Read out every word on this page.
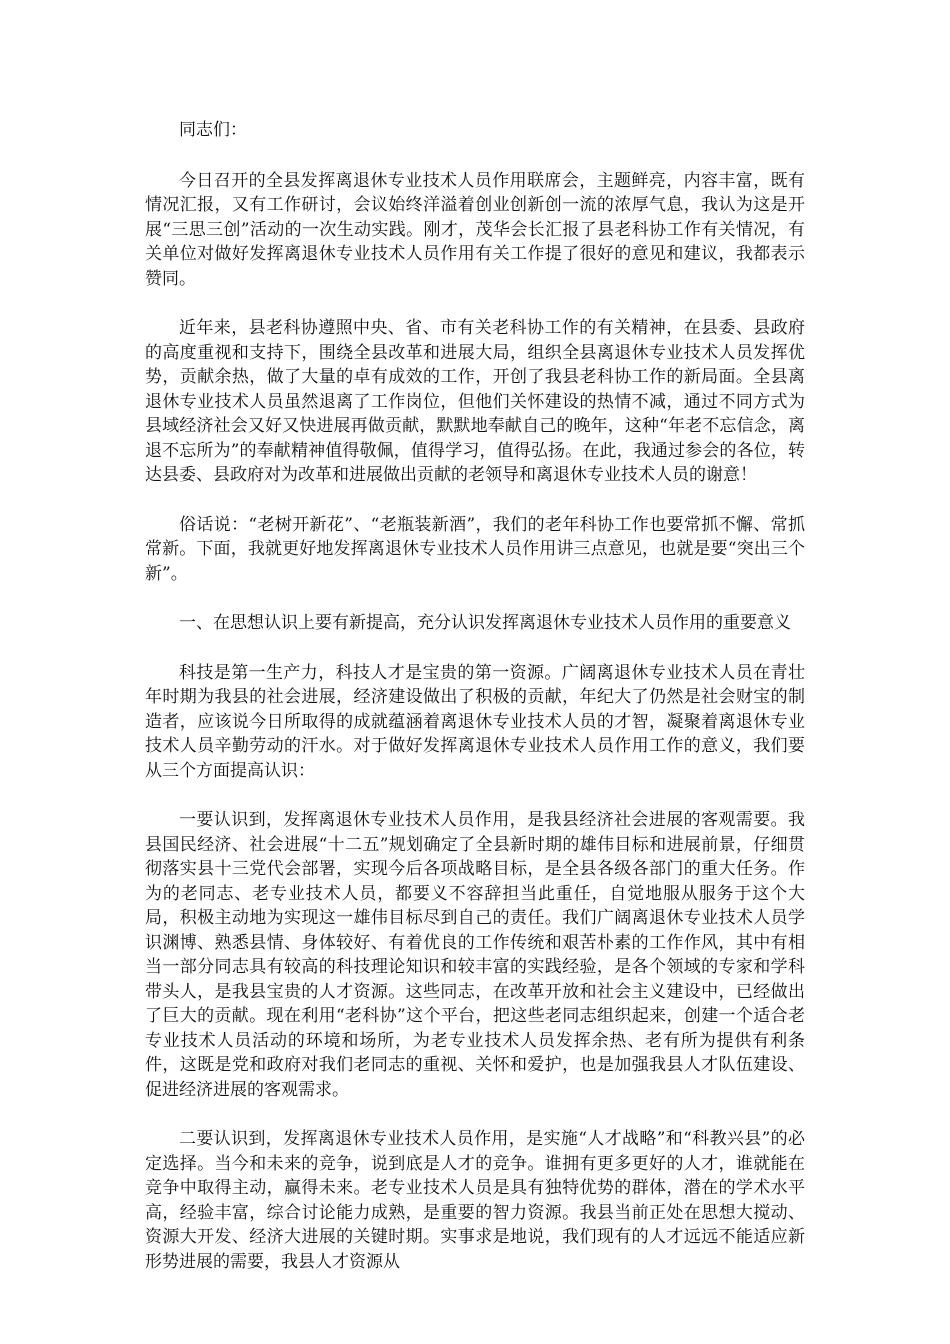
同志们：

今日召开的全县发挥离退休专业技术人员作用联席会，主题鲜亮，内容丰富，既有情况汇报，又有工作研讨，会议始终洋溢着创业创新创一流的浓厚气息，我认为这是开展“三思三创”活动的一次生动实践。刚才，茂华会长汇报了县老科协工作有关情况，有关单位对做好发挥离退休专业技术人员作用有关工作提了很好的意见和建议，我都表示赞同。

近年来，县老科协遵照中央、省、市有关老科协工作的有关精神，在县委、县政府的高度重视和支持下，围绕全县改革和进展大局，组织全县离退休专业技术人员发挥优势，贡献余热，做了大量的卓有成效的工作，开创了我县老科协工作的新局面。全县离退休专业技术人员虽然退离了工作岗位，但他们关怀建设的热情不减，通过不同方式为县域经济社会又好又快进展再做贡献，默默地奉献自己的晚年，这种“年老不忘信念，离退不忘所为”的奉献精神值得敬佩，值得学习，值得弘扬。在此，我通过参会的各位，转达县委、县政府对为改革和进展做出贡献的老领导和离退休专业技术人员的谢意！

俗话说：“老树开新花”、“老瓶装新酒”，我们的老年科协工作也要常抓不懈、常抓常新。下面，我就更好地发挥离退休专业技术人员作用讲三点意见，也就是要“突出三个新”。

一、在思想认识上要有新提高，充分认识发挥离退休专业技术人员作用的重要意义

科技是第一生产力，科技人才是宝贵的第一资源。广阔离退休专业技术人员在青壮年时期为我县的社会进展，经济建设做出了积极的贡献，年纪大了仍然是社会财宝的制造者，应该说今日所取得的成就蕴涵着离退休专业技术人员的才智，凝聚着离退休专业技术人员辛勤劳动的汗水。对于做好发挥离退休专业技术人员作用工作的意义，我们要从三个方面提高认识：

一要认识到，发挥离退休专业技术人员作用，是我县经济社会进展的客观需要。我县国民经济、社会进展“十二五”规划确定了全县新时期的雄伟目标和进展前景，仔细贯彻落实县十三党代会部署，实现今后各项战略目标，是全县各级各部门的重大任务。作为的老同志、老专业技术人员，都要义不容辞担当此重任，自觉地服从服务于这个大局，积极主动地为实现这一雄伟目标尽到自己的责任。我们广阔离退休专业技术人员学识渊博、熟悉县情、身体较好、有着优良的工作传统和艰苦朴素的工作作风，其中有相当一部分同志具有较高的科技理论知识和较丰富的实践经验，是各个领域的专家和学科带头人，是我县宝贵的人才资源。这些同志，在改革开放和社会主义建设中，已经做出了巨大的贡献。现在利用“老科协”这个平台，把这些老同志组织起来，创建一个适合老专业技术人员活动的环境和场所，为老专业技术人员发挥余热、老有所为提供有利条件，这既是党和政府对我们老同志的重视、关怀和爱护，也是加强我县人才队伍建设、促进经济进展的客观需求。

二要认识到，发挥离退休专业技术人员作用，是实施“人才战略”和“科教兴县”的必定选择。当今和未来的竞争，说到底是人才的竞争。谁拥有更多更好的人才，谁就能在竞争中取得主动，赢得未来。老专业技术人员是具有独特优势的群体，潜在的学术水平高，经验丰富，综合讨论能力成熟，是重要的智力资源。我县当前正处在思想大搅动、资源大开发、经济大进展的关键时期。实事求是地说，我们现有的人才远远不能适应新形势进展的需要，我县人才资源从
